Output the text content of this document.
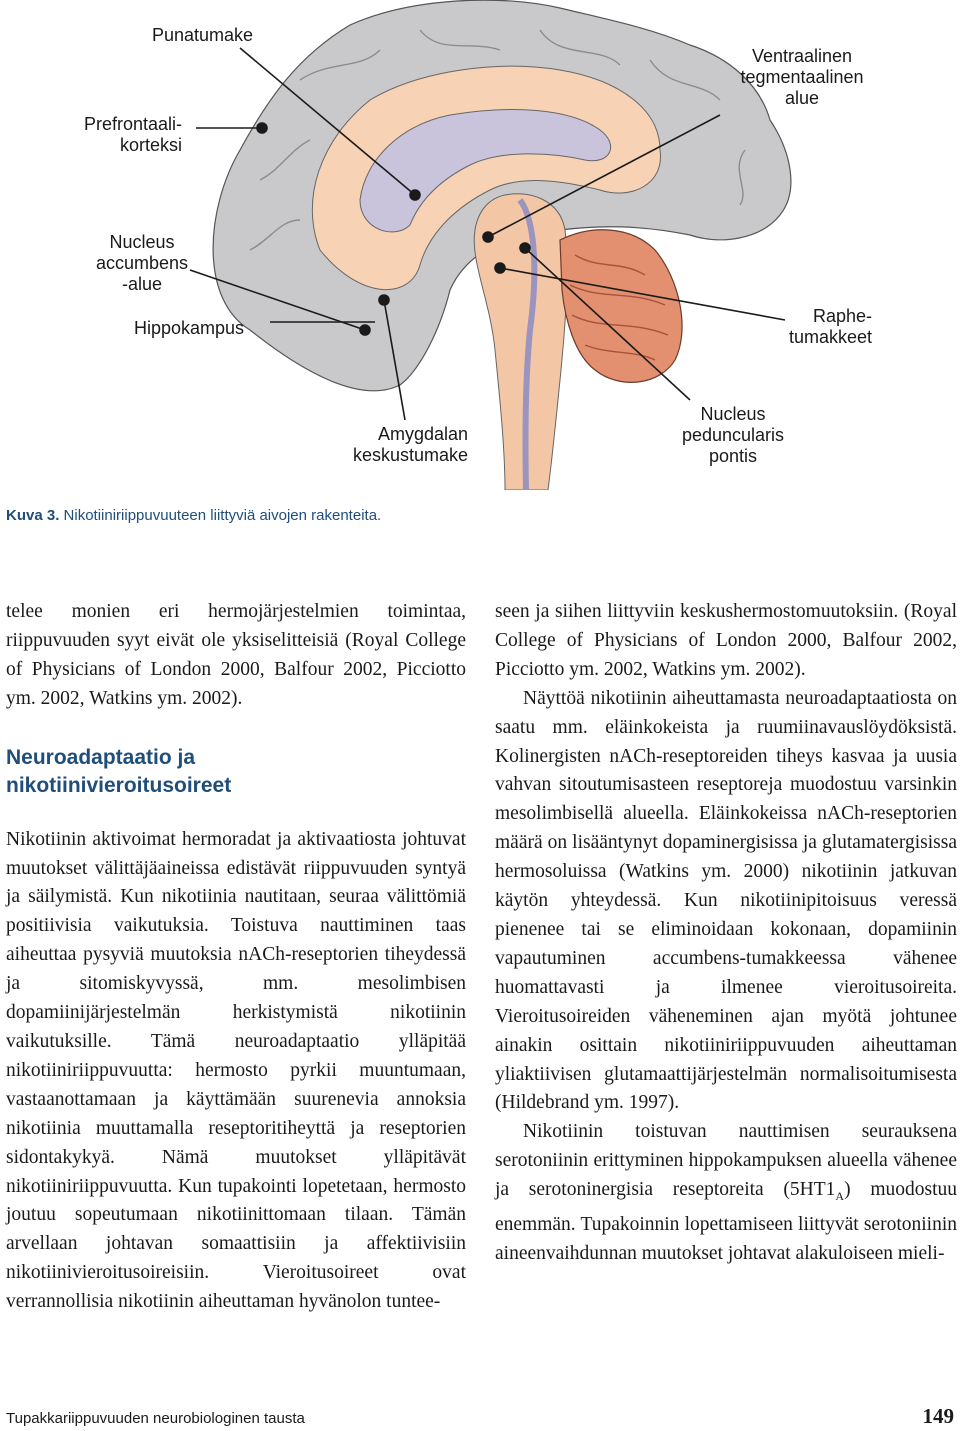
Punatumake
Prefrontaali-
korteksi
Ventraalinen
tegmentaalinen
alue
Nucleus
accumbens
-alue
Hippokampus
Raphe-
tumakkeet
Amygdalan
keskustumake
Nucleus
peduncularis
pontis
Kuva 3. Nikotiiniriippuvuuteen liittyviä aivojen rakenteita.

telee monien eri hermojärjestelmien toimintaa, riippuvuuden syyt eivät ole yksiselitteisiä (Royal College of Physicians of London 2000, Balfour 2002, Picciotto ym. 2002, Watkins ym. 2002).

Neuroadaptaatio ja
nikotiinivieroitusoireet

Nikotiinin aktivoimat hermoradat ja aktivaatiosta johtuvat muutokset välittäjäaineissa edistävät riippuvuuden syntyä ja säilymistä. Kun nikotiinia nautitaan, seuraa välittömiä positiivisia vaikutuksia. Toistuva nauttiminen taas aiheuttaa pysyviä muutoksia nACh-reseptorien tiheydessä ja sitomiskyvyssä, mm. mesolimbisen dopamiinijärjestelmän herkistymistä nikotiinin vaikutuksille. Tämä neuroadaptaatio ylläpitää nikotiiniriippuvuutta: hermosto pyrkii muuntumaan, vastaanottamaan ja käyttämään suurenevia annoksia nikotiinia muuttamalla reseptoritiheyttä ja reseptorien sidontakykyä. Nämä muutokset ylläpitävät nikotiiniriippuvuutta. Kun tupakointi lopetetaan, hermosto joutuu sopeutumaan nikotiinittomaan tilaan. Tämän arvellaan johtavan somaattisiin ja affektiivisiin nikotiinivieroitusoireisiin. Vieroitusoireet ovat verrannollisia nikotiinin aiheuttaman hyvänolon tuntee-

seen ja siihen liittyviin keskushermostomuutoksiin. (Royal College of Physicians of London 2000, Balfour 2002, Picciotto ym. 2002, Watkins ym. 2002).

Näyttöä nikotiinin aiheuttamasta neuroadaptaatiosta on saatu mm. eläinkokeista ja ruumiinavauslöydöksistä. Kolinergisten nACh-reseptoreiden tiheys kasvaa ja uusia vahvan sitoutumisasteen reseptoreja muodostuu varsinkin mesolimbisellä alueella. Eläinkokeissa nACh-reseptorien määrä on lisääntynyt dopaminergisissa ja glutamatergisissa hermosoluissa (Watkins ym. 2000) nikotiinin jatkuvan käytön yhteydessä. Kun nikotiinipitoisuus veressä pienenee tai se eliminoidaan kokonaan, dopamiinin vapautuminen accumbens-tumakkeessa vähenee huomattavasti ja ilmenee vieroitusoireita. Vieroitusoireiden väheneminen ajan myötä johtunee ainakin osittain nikotiiniriippuvuuden aiheuttaman yliaktiivisen glutamaattijärjestelmän normalisoitumisesta (Hildebrand ym. 1997).

Nikotiinin toistuvan nauttimisen seurauksena serotoniinin erittyminen hippokampuksen alueella vähenee ja serotoninergisia reseptoreita $(5HT1_A)$ muodostuu enemmän. Tupakoinnin lopettamiseen liittyvät serotoniinin aineenvaihdunnan muutokset johtavat alakuloiseen mieli-

Tupakkariippuvuuden neurobiologinen tausta	149
